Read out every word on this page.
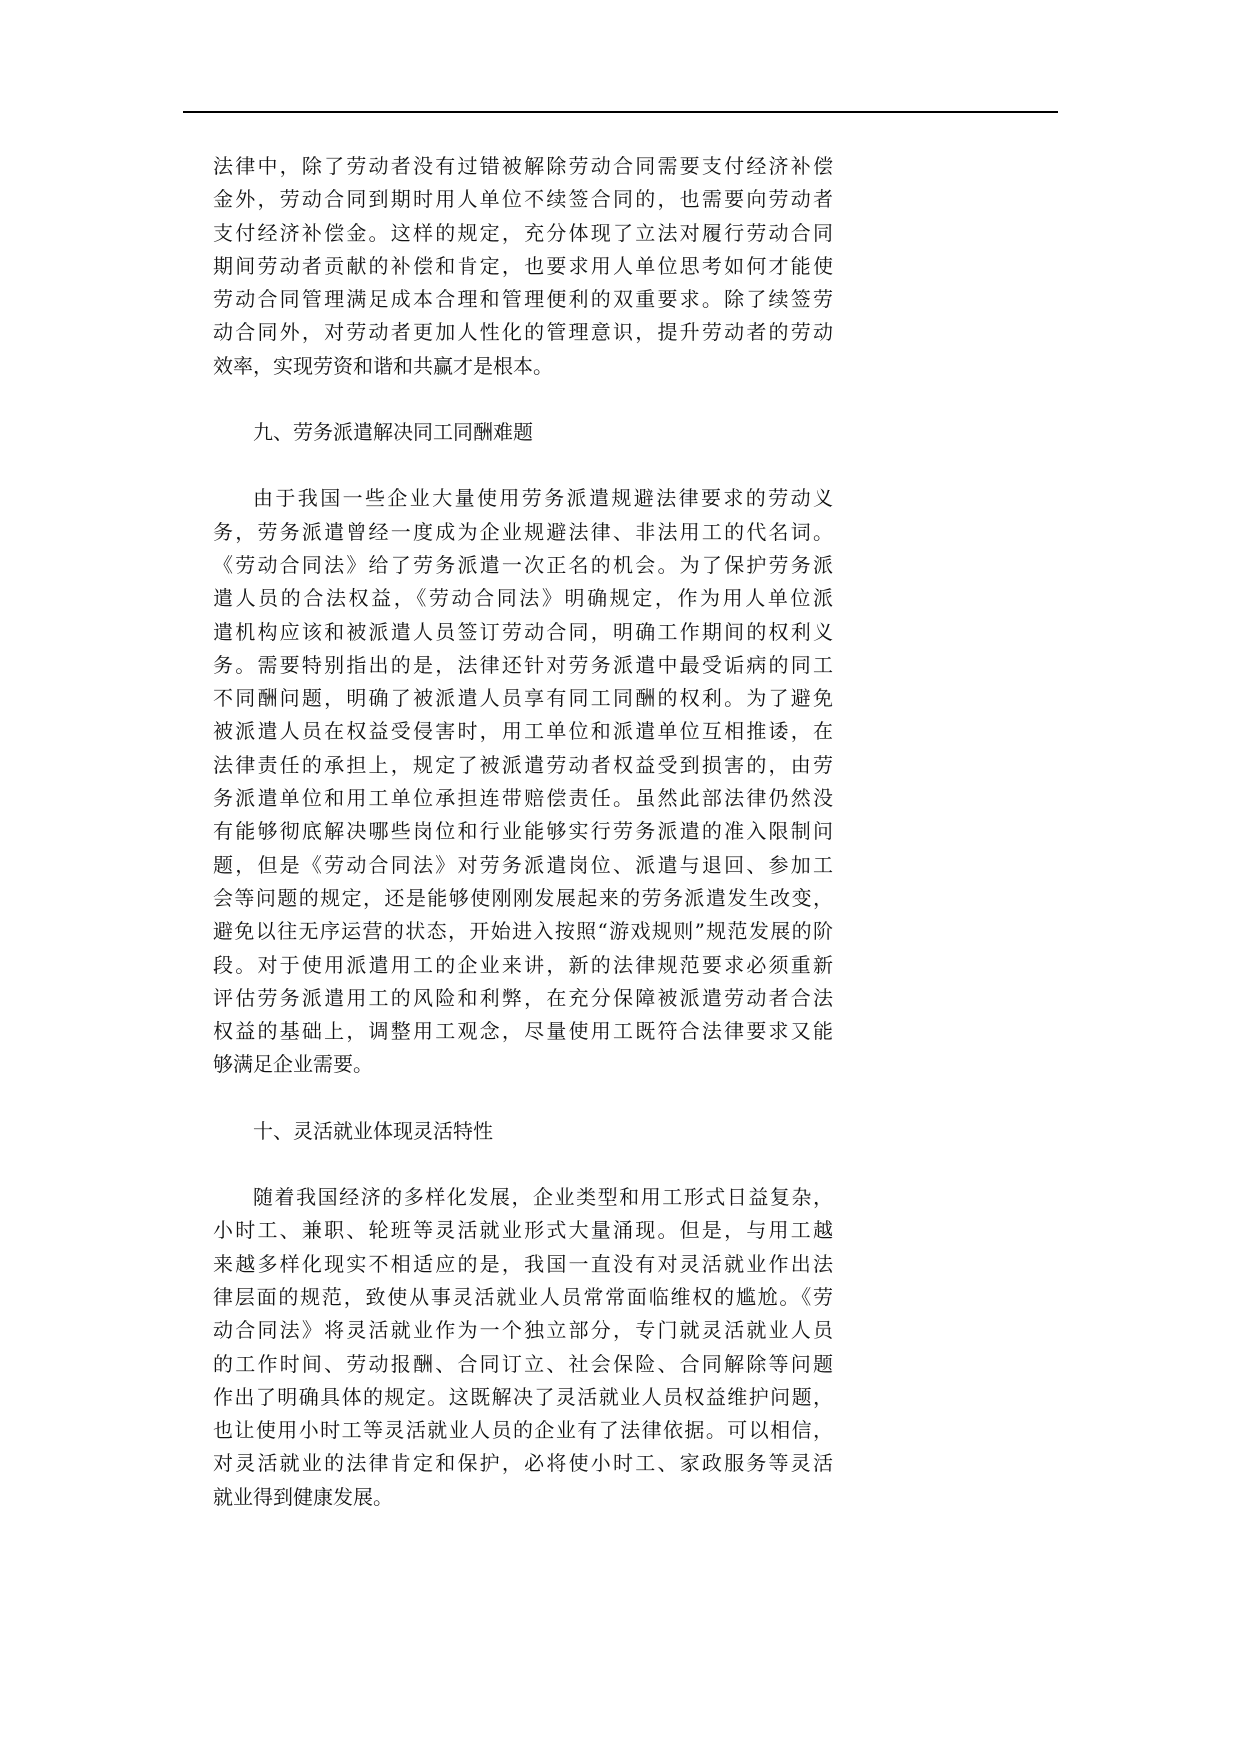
法律中，除了劳动者没有过错被解除劳动合同需要支付经济补偿
金外，劳动合同到期时用人单位不续签合同的，也需要向劳动者
支付经济补偿金。这样的规定，充分体现了立法对履行劳动合同
期间劳动者贡献的补偿和肯定，也要求用人单位思考如何才能使
劳动合同管理满足成本合理和管理便利的双重要求。除了续签劳
动合同外，对劳动者更加人性化的管理意识，提升劳动者的劳动
效率，实现劳资和谐和共赢才是根本。

九、劳务派遣解决同工同酬难题

由于我国一些企业大量使用劳务派遣规避法律要求的劳动义
务，劳务派遣曾经一度成为企业规避法律、非法用工的代名词。
《劳动合同法》给了劳务派遣一次正名的机会。为了保护劳务派
遣人员的合法权益，《劳动合同法》明确规定，作为用人单位派
遣机构应该和被派遣人员签订劳动合同，明确工作期间的权利义
务。需要特别指出的是，法律还针对劳务派遣中最受诟病的同工
不同酬问题，明确了被派遣人员享有同工同酬的权利。为了避免
被派遣人员在权益受侵害时，用工单位和派遣单位互相推诿，在
法律责任的承担上，规定了被派遣劳动者权益受到损害的，由劳
务派遣单位和用工单位承担连带赔偿责任。虽然此部法律仍然没
有能够彻底解决哪些岗位和行业能够实行劳务派遣的准入限制问
题，但是《劳动合同法》对劳务派遣岗位、派遣与退回、参加工
会等问题的规定，还是能够使刚刚发展起来的劳务派遣发生改变，
避免以往无序运营的状态，开始进入按照“游戏规则”规范发展的阶
段。对于使用派遣用工的企业来讲，新的法律规范要求必须重新
评估劳务派遣用工的风险和利弊，在充分保障被派遣劳动者合法
权益的基础上，调整用工观念，尽量使用工既符合法律要求又能
够满足企业需要。

十、灵活就业体现灵活特性

随着我国经济的多样化发展，企业类型和用工形式日益复杂，
小时工、兼职、轮班等灵活就业形式大量涌现。但是，与用工越
来越多样化现实不相适应的是，我国一直没有对灵活就业作出法
律层面的规范，致使从事灵活就业人员常常面临维权的尴尬。《劳
动合同法》将灵活就业作为一个独立部分，专门就灵活就业人员
的工作时间、劳动报酬、合同订立、社会保险、合同解除等问题
作出了明确具体的规定。这既解决了灵活就业人员权益维护问题，
也让使用小时工等灵活就业人员的企业有了法律依据。可以相信，
对灵活就业的法律肯定和保护，必将使小时工、家政服务等灵活
就业得到健康发展。
